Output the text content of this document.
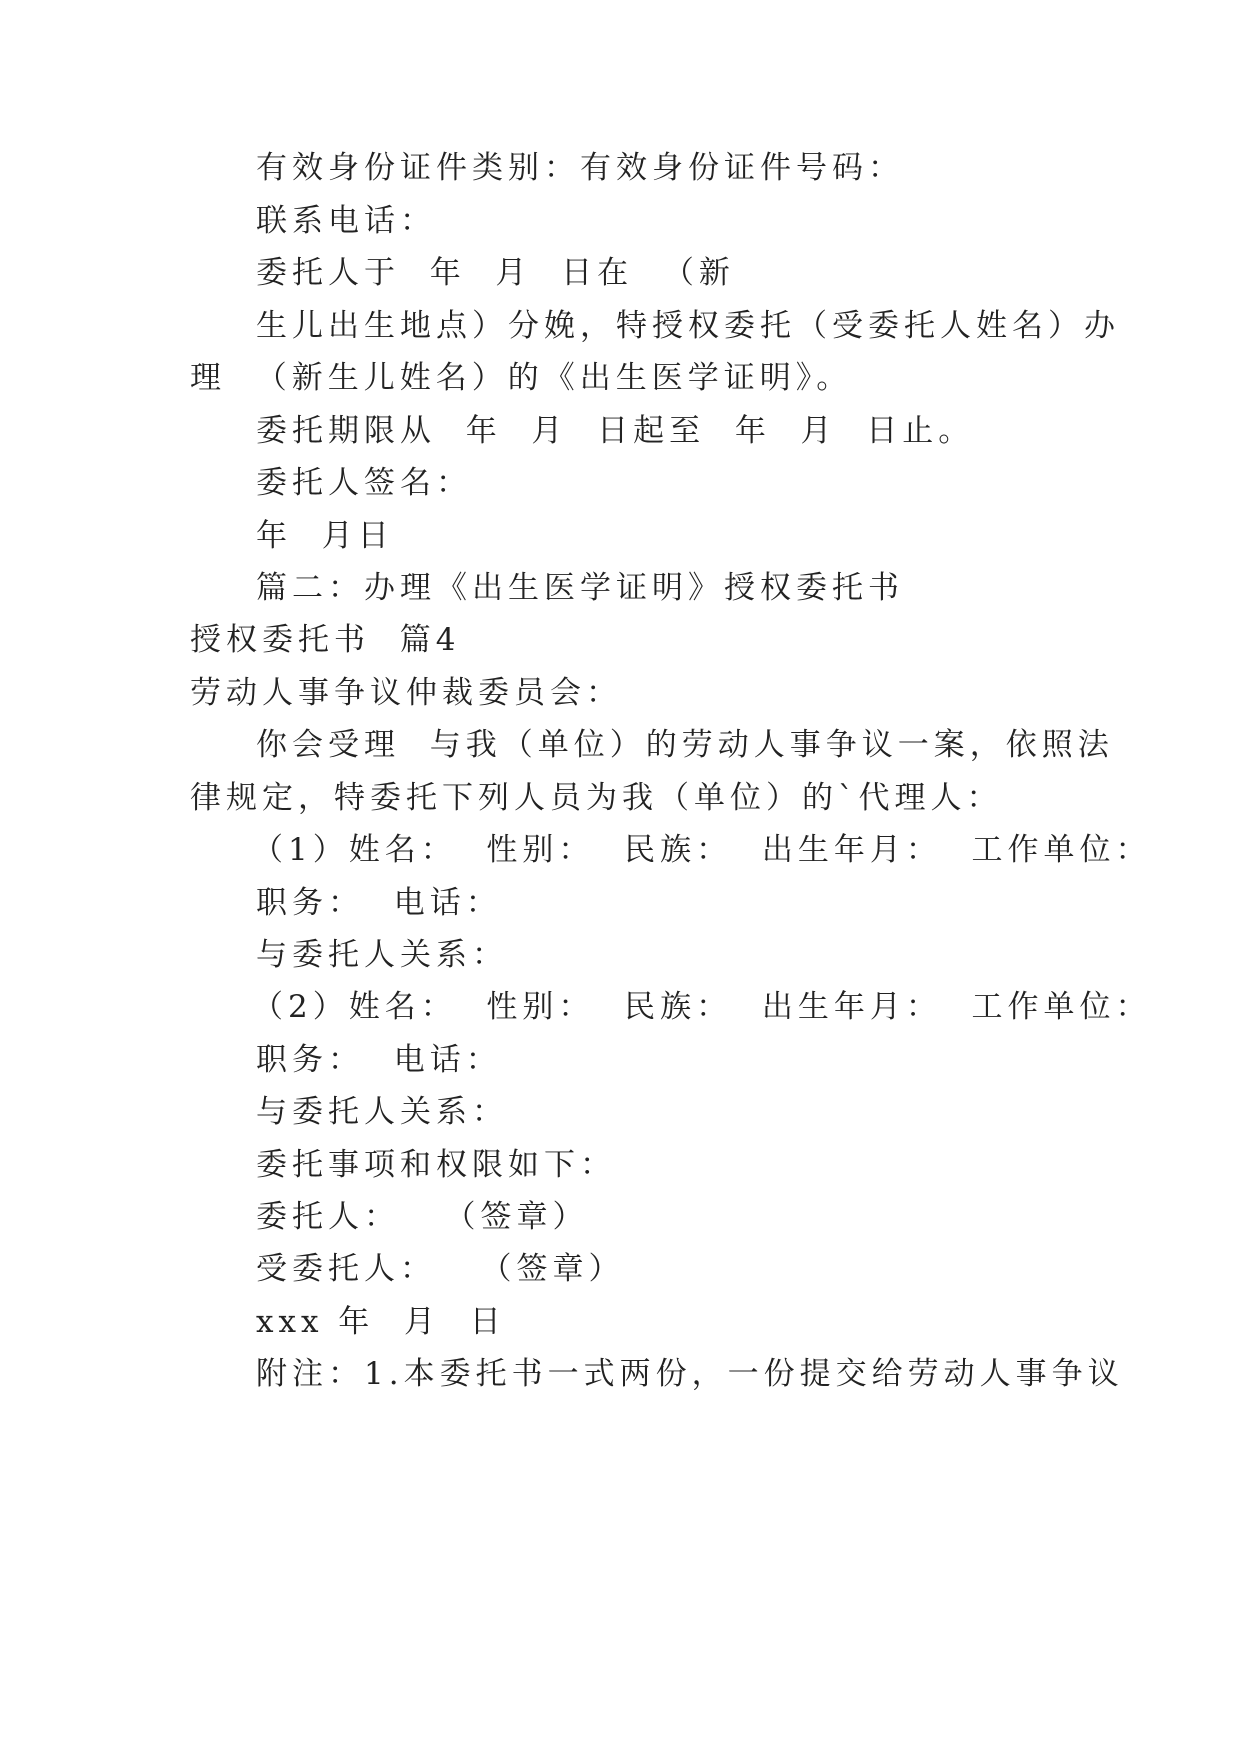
有效身份证件类别：有效身份证件号码：
联系电话：
委托人于  年  月  日在  （新
生儿出生地点）分娩，特授权委托（受委托人姓名）办
理  （新生儿姓名）的《出生医学证明》。
委托期限从  年  月  日起至  年  月  日止。
委托人签名：
年  月日
篇二：办理《出生医学证明》授权委托书
授权委托书  篇4
劳动人事争议仲裁委员会：
你会受理  与我（单位）的劳动人事争议一案，依照法
律规定，特委托下列人员为我（单位）的`代理人：
（1）姓名：  性别：  民族：  出生年月：  工作单位：
职务：  电话：
与委托人关系：
（2）姓名：  性别：  民族：  出生年月：  工作单位：
职务：  电话：
与委托人关系：
委托事项和权限如下：
委托人：   （签章）
受委托人：   （签章）
xxx 年  月  日
附注：1.本委托书一式两份，一份提交给劳动人事争议
